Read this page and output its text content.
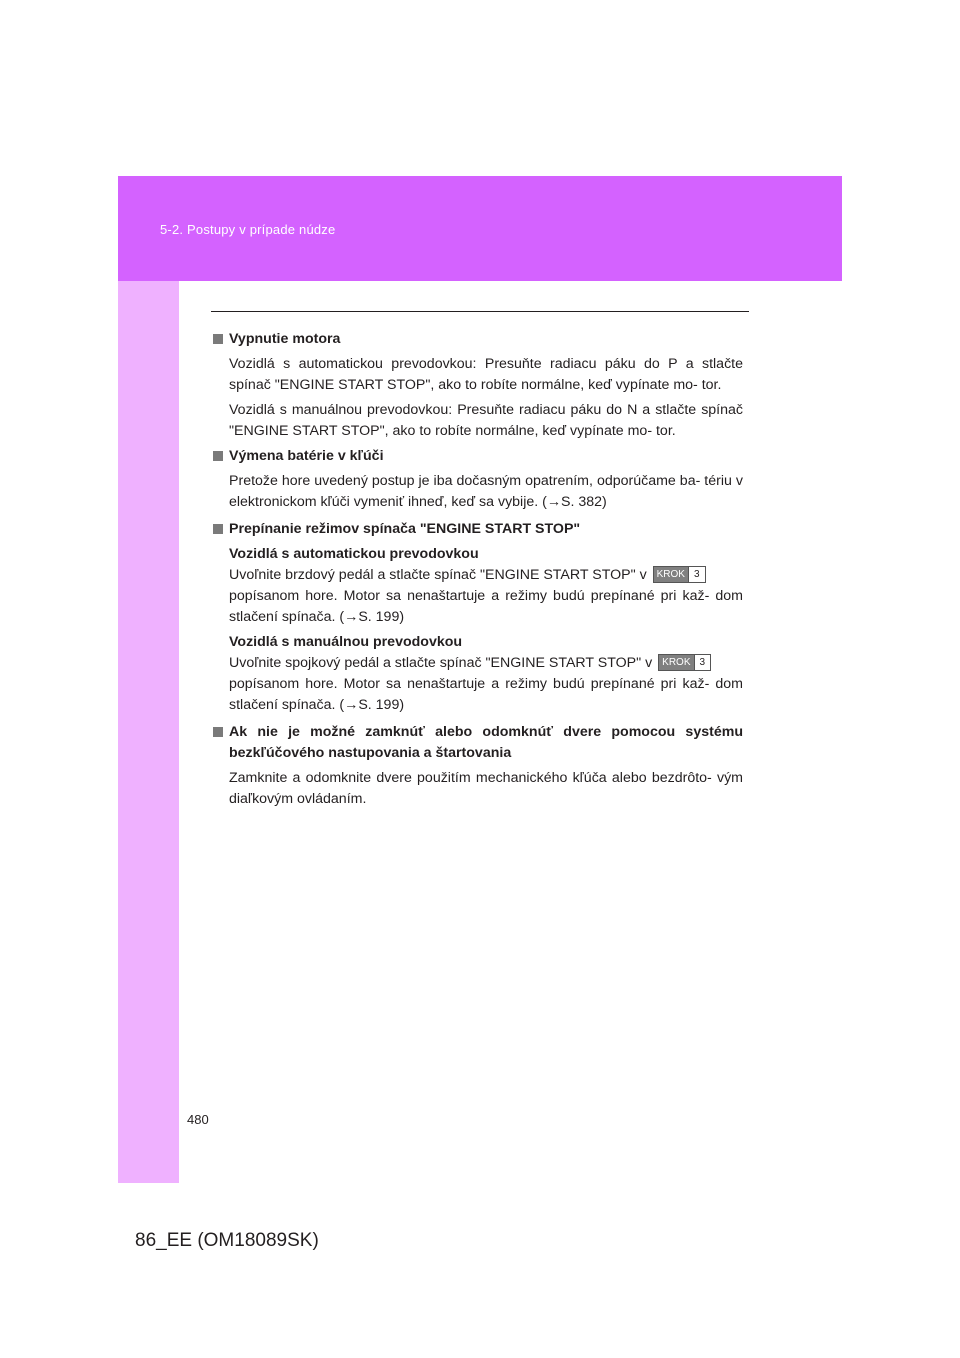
5-2. Postupy v prípade núdze
Vypnutie motora
Vozidlá s automatickou prevodovkou: Presuňte radiacu páku do P a stlačte spínač "ENGINE START STOP", ako to robíte normálne, keď vypínate mo- tor.
Vozidlá s manuálnou prevodovkou: Presuňte radiacu páku do N a stlačte spínač "ENGINE START STOP", ako to robíte normálne, keď vypínate mo- tor.
Výmena batérie v kľúči
Pretože hore uvedený postup je iba dočasným opatrením, odporúčame ba- tériu v elektronickom kľúči vymeniť ihneď, keď sa vybije. (→S. 382)
Prepínanie režimov spínača "ENGINE START STOP"
Vozidlá s automatickou prevodovkou
Uvoľnite brzdový pedál a stlačte spínač "ENGINE START STOP" v KROK 3
popísanom hore. Motor sa nenaštartuje a režimy budú prepínané pri kaž- dom stlačení spínača. (→S. 199)
Vozidlá s manuálnou prevodovkou
Uvoľnite spojkový pedál a stlačte spínač "ENGINE START STOP" v KROK 3
popísanom hore. Motor sa nenaštartuje a režimy budú prepínané pri kaž- dom stlačení spínača. (→S. 199)
Ak nie je možné zamknúť alebo odomknúť dvere pomocou systému bezkľúčového nastupovania a štartovania
Zamknite a odomknite dvere použitím mechanického kľúča alebo bezdrôto- vým diaľkovým ovládaním.
480
86_EE (OM18089SK)
